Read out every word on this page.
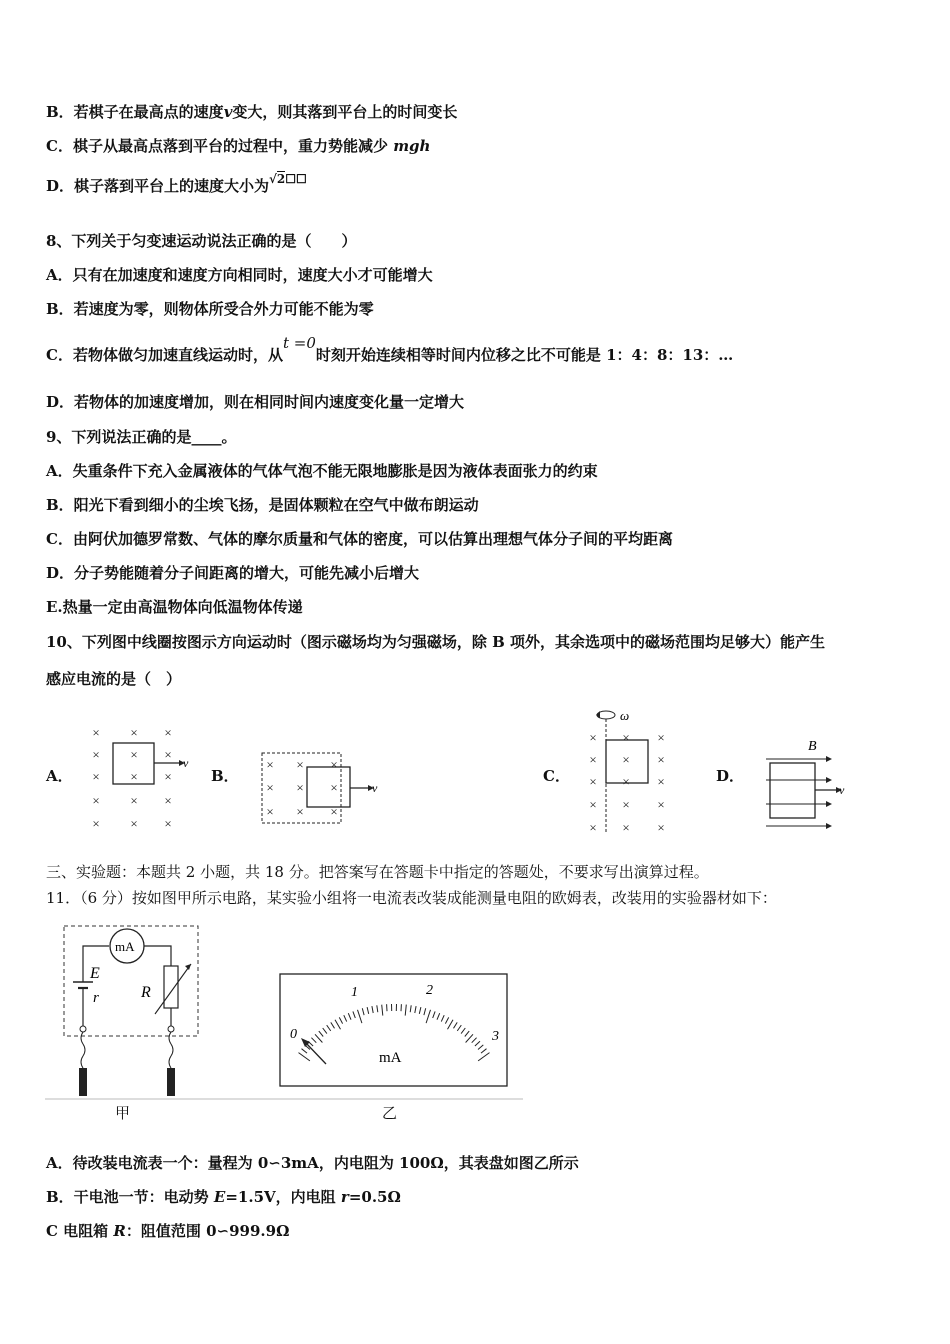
B．若棋子在最高点的速度v变大，则其落到平台上的时间变长
C．棋子从最高点落到平台的过程中，重力势能减少 mgh
D．棋子落到平台上的速度大小为√2☐☐
8、下列关于匀变速运动说法正确的是（　　）
A．只有在加速度和速度方向相同时，速度大小才可能增大
B．若速度为零，则物体所受合外力可能不能为零
C．若物体做匀加速直线运动时，从t =0时刻开始连续相等时间内位移之比不可能是 1：4：8：13：…
D．若物体的加速度增加，则在相同时间内速度变化量一定增大
9、下列说法正确的是____。
A．失重条件下充入金属液体的气体气泡不能无限地膨胀是因为液体表面张力的约束
B．阳光下看到细小的尘埃飞扬，是固体颗粒在空气中做布朗运动
C．由阿伏加德罗常数、气体的摩尔质量和气体的密度，可以估算出理想气体分子间的平均距离
D．分子势能随着分子间距离的增大，可能先减小后增大
E.热量一定由高温物体向低温物体传递
10、下列图中线圈按图示方向运动时（图示磁场均为匀强磁场，除 B 项外，其余选项中的磁场范围均足够大）能产生
感应电流的是（　）
A．
× × ×
× × ×
× × ×
× × ×
× × ×
v
B．
× × ×
× × ×
× × ×
v
C．
ω
× × ×
× × ×
× × ×
× × ×
× × ×
D．
B
v
三、实验题：本题共 2 小题，共 18 分。把答案写在答题卡中指定的答题处，不要求写出演算过程。
11．（6 分）按如图甲所示电路，某实验小组将一电流表改装成能测量电阻的欧姆表，改装用的实验器材如下：
mA
E
r	R
甲
0
1	2
3
mA
乙
A．待改装电流表一个：量程为 0∽3mA，内电阻为 100Ω，其表盘如图乙所示
B．干电池一节：电动势 E=1.5V，内电阻 r=0.5Ω
C 电阻箱 R：阻值范围 0∽999.9Ω
